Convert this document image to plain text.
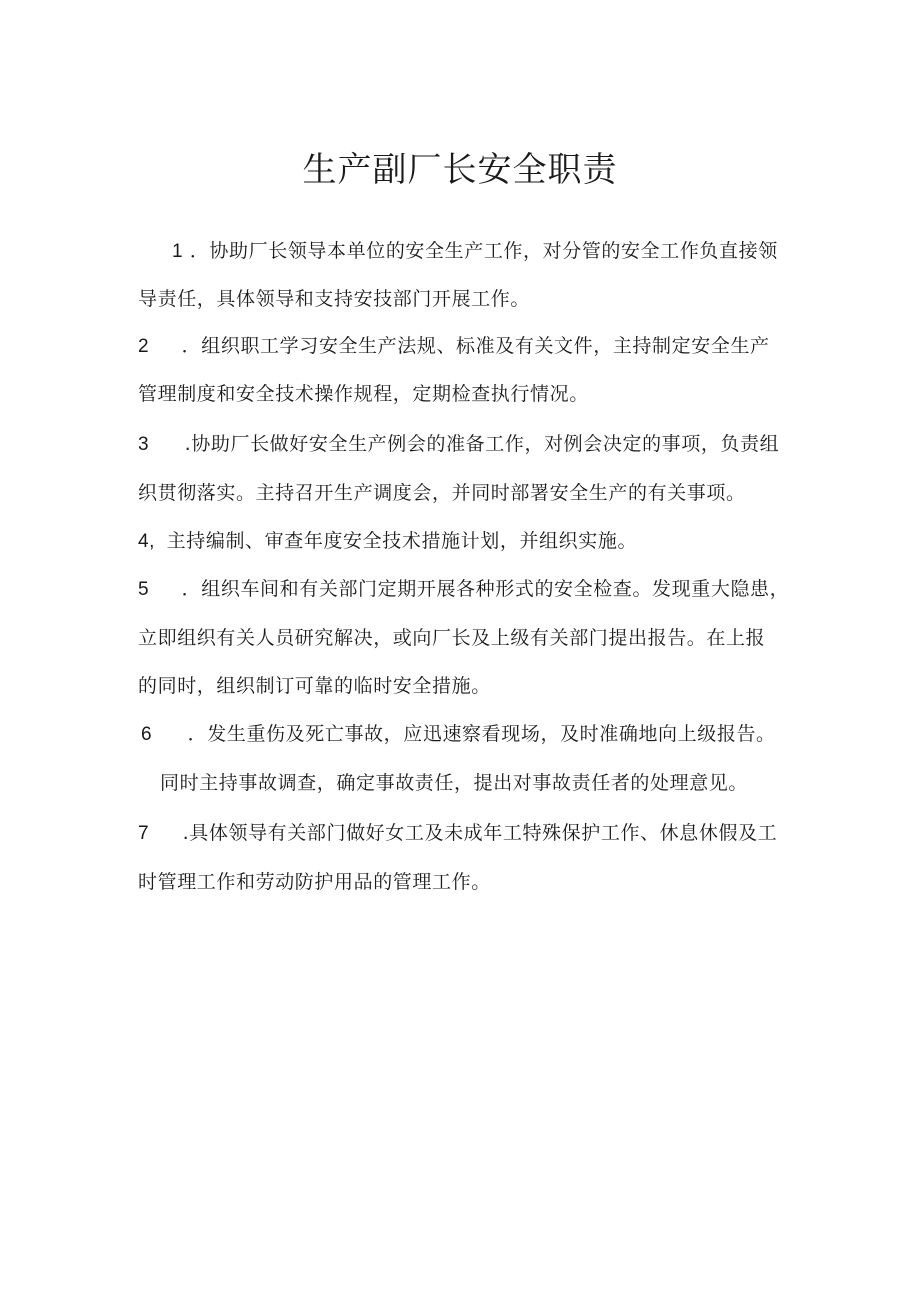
生产副厂长安全职责
1 ．协助厂长领导本单位的安全生产工作，对分管的安全工作负直接领
导责任，具体领导和支持安技部门开展工作。
2 ．组织职工学习安全生产法规、标准及有关文件，主持制定安全生产
管理制度和安全技术操作规程，定期检查执行情况。
3 .协助厂长做好安全生产例会的准备工作，对例会决定的事项，负责组
织贯彻落实。主持召开生产调度会，并同时部署安全生产的有关事项。
4, 主持编制、审查年度安全技术措施计划，并组织实施。
5 ．组织车间和有关部门定期开展各种形式的安全检查。发现重大隐患，
立即组织有关人员研究解决，或向厂长及上级有关部门提出报告。在上报
的同时，组织制订可靠的临时安全措施。
6 ．发生重伤及死亡事故，应迅速察看现场，及时准确地向上级报告。
同时主持事故调查，确定事故责任，提出对事故责任者的处理意见。
7 .具体领导有关部门做好女工及未成年工特殊保护工作、休息休假及工
时管理工作和劳动防护用品的管理工作。
